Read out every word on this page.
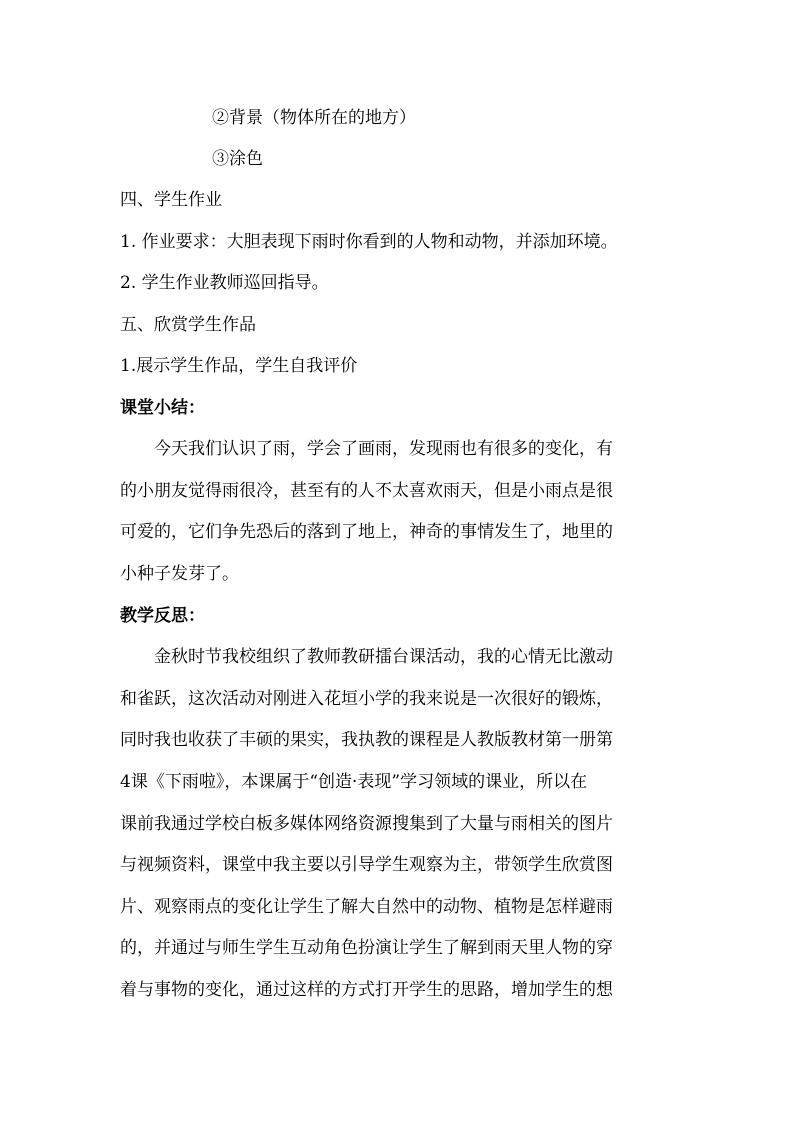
②背景（物体所在的地方）
③涂色
四、学生作业
1. 作业要求：大胆表现下雨时你看到的人物和动物，并添加环境。
2. 学生作业教师巡回指导。
五、欣赏学生作品
1.展示学生作品，学生自我评价
课堂小结：
今天我们认识了雨，学会了画雨，发现雨也有很多的变化，有
的小朋友觉得雨很冷，甚至有的人不太喜欢雨天，但是小雨点是很
可爱的，它们争先恐后的落到了地上，神奇的事情发生了，地里的
小种子发芽了。
教学反思：
金秋时节我校组织了教师教研擂台课活动，我的心情无比激动
和雀跃，这次活动对刚进入花垣小学的我来说是一次很好的锻炼，
同时我也收获了丰硕的果实，我执教的课程是人教版教材第一册第
4课《下雨啦》，本课属于“创造·表现”学习领域的课业，所以在
课前我通过学校白板多媒体网络资源搜集到了大量与雨相关的图片
与视频资料，课堂中我主要以引导学生观察为主，带领学生欣赏图
片、观察雨点的变化让学生了解大自然中的动物、植物是怎样避雨
的，并通过与师生学生互动角色扮演让学生了解到雨天里人物的穿
着与事物的变化，通过这样的方式打开学生的思路，增加学生的想
